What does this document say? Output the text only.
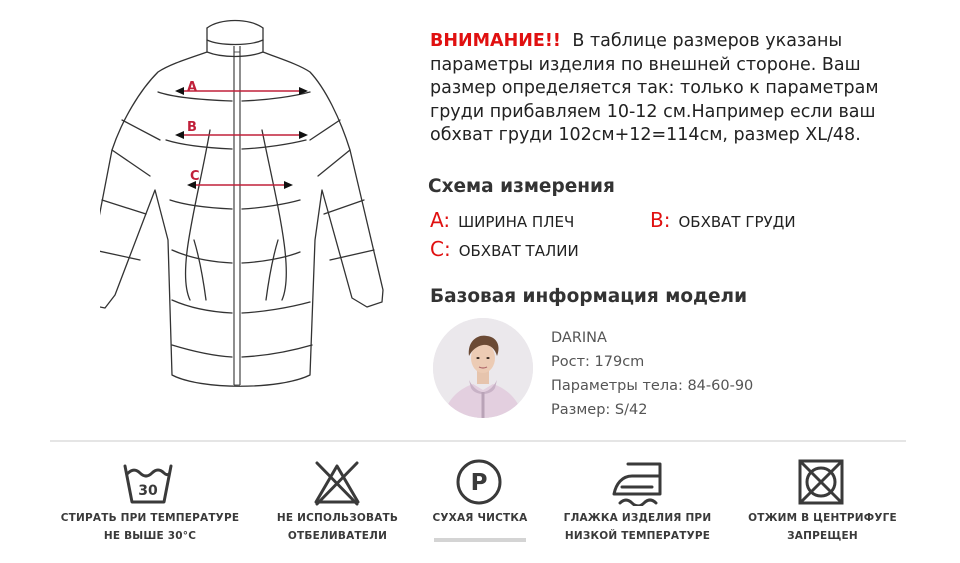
A
B
C
ВНИМАНИЕ!! В таблице размеров указаны
параметры изделия по внешней стороне. Ваш
размер определяется так: только к параметрам
груди прибавляем 10-12 см.Например если ваш
обхват груди 102см+12=114см, размер XL/48.
Схема измерения
A: ШИРИНА ПЛЕЧ	B: ОБХВАТ ГРУДИ
C: ОБХВАТ ТАЛИИ
Базовая информация модели
DARINA
Рост: 179cm
Параметры тела: 84-60-90
Размер: S/42
30
СТИРАТЬ ПРИ ТЕМПЕРАТУРЕ
НЕ ВЫШЕ 30°С
НЕ ИСПОЛЬЗОВАТЬ
ОТБЕЛИВАТЕЛИ
P
СУХАЯ ЧИСТКА	ГЛАЖКА ИЗДЕЛИЯ ПРИ
НИЗКОЙ ТЕМПЕРАТУРЕ
ОТЖИМ В ЦЕНТРИФУГЕ
ЗАПРЕЩЕН
